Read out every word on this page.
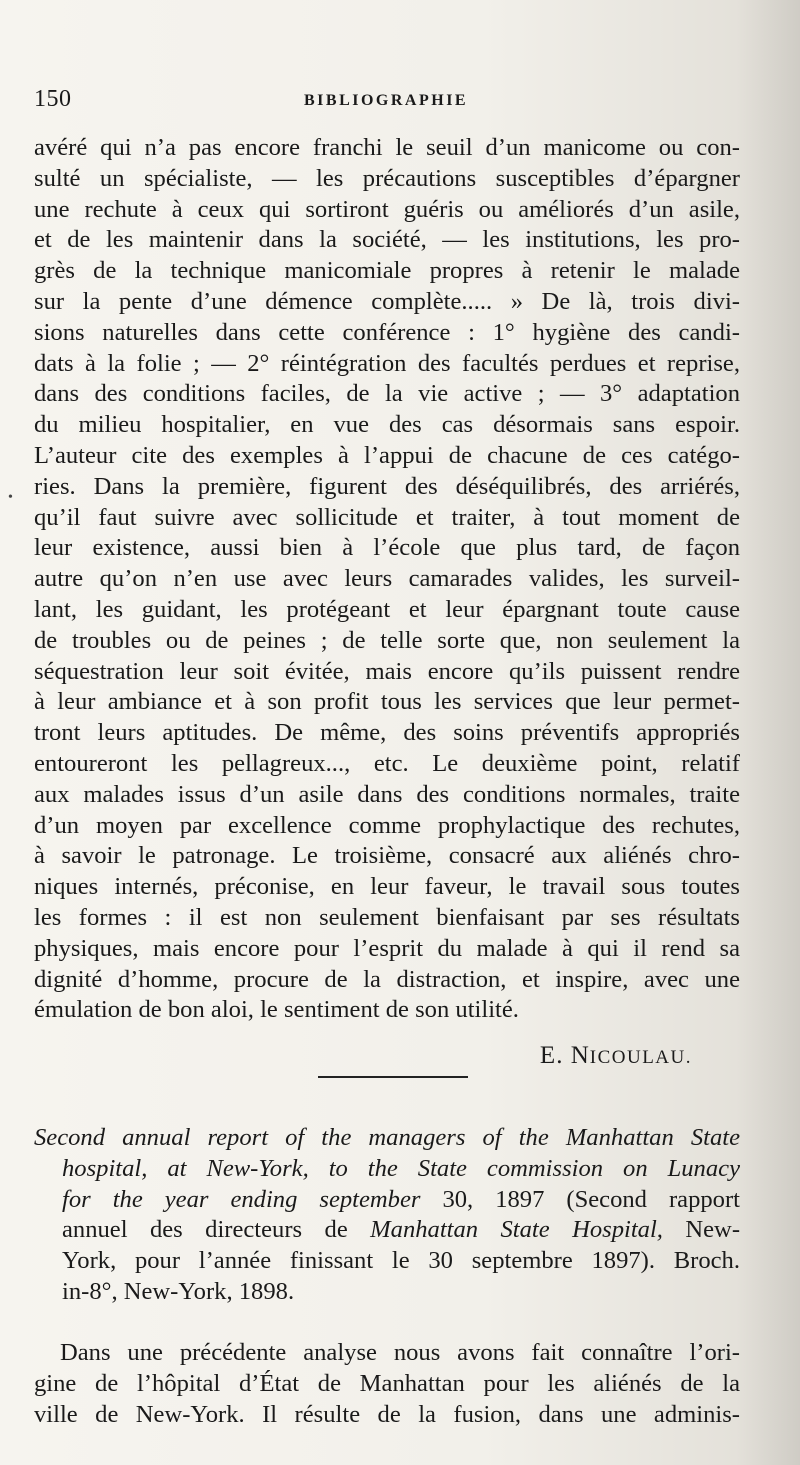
150	BIBLIOGRAPHIE
•
avéré qui n’a pas encore franchi le seuil d’un manicome ou con-
sulté un spécialiste, — les précautions susceptibles d’épargner
une rechute à ceux qui sortiront guéris ou améliorés d’un asile,
et de les maintenir dans la société, — les institutions, les pro-
grès de la technique manicomiale propres à retenir le malade
sur la pente d’une démence complète..... » De là, trois divi-
sions naturelles dans cette conférence : 1° hygiène des candi-
dats à la folie ; — 2° réintégration des facultés perdues et reprise,
dans des conditions faciles, de la vie active ; — 3° adaptation
du milieu hospitalier, en vue des cas désormais sans espoir.
L’auteur cite des exemples à l’appui de chacune de ces catégo-
ries. Dans la première, figurent des déséquilibrés, des arriérés,
qu’il faut suivre avec sollicitude et traiter, à tout moment de
leur existence, aussi bien à l’école que plus tard, de façon
autre qu’on n’en use avec leurs camarades valides, les surveil-
lant, les guidant, les protégeant et leur épargnant toute cause
de troubles ou de peines ; de telle sorte que, non seulement la
séquestration leur soit évitée, mais encore qu’ils puissent rendre
à leur ambiance et à son profit tous les services que leur permet-
tront leurs aptitudes. De même, des soins préventifs appropriés
entoureront les pellagreux..., etc. Le deuxième point, relatif
aux malades issus d’un asile dans des conditions normales, traite
d’un moyen par excellence comme prophylactique des rechutes,
à savoir le patronage. Le troisième, consacré aux aliénés chro-
niques internés, préconise, en leur faveur, le travail sous toutes
les formes : il est non seulement bienfaisant par ses résultats
physiques, mais encore pour l’esprit du malade à qui il rend sa
dignité d’homme, procure de la distraction, et inspire, avec une
émulation de bon aloi, le sentiment de son utilité.
E. NICOULAU.
Second annual report of the managers of the Manhattan State
hospital, at New-York, to the State commission on Lunacy
for the year ending september 30, 1897 (Second rapport
annuel des directeurs de Manhattan State Hospital, New-
York, pour l’année finissant le 30 septembre 1897). Broch.
in-8°, New-York, 1898.
Dans une précédente analyse nous avons fait connaître l’ori-
gine de l’hôpital d’État de Manhattan pour les aliénés de la
ville de New-York. Il résulte de la fusion, dans une adminis-
